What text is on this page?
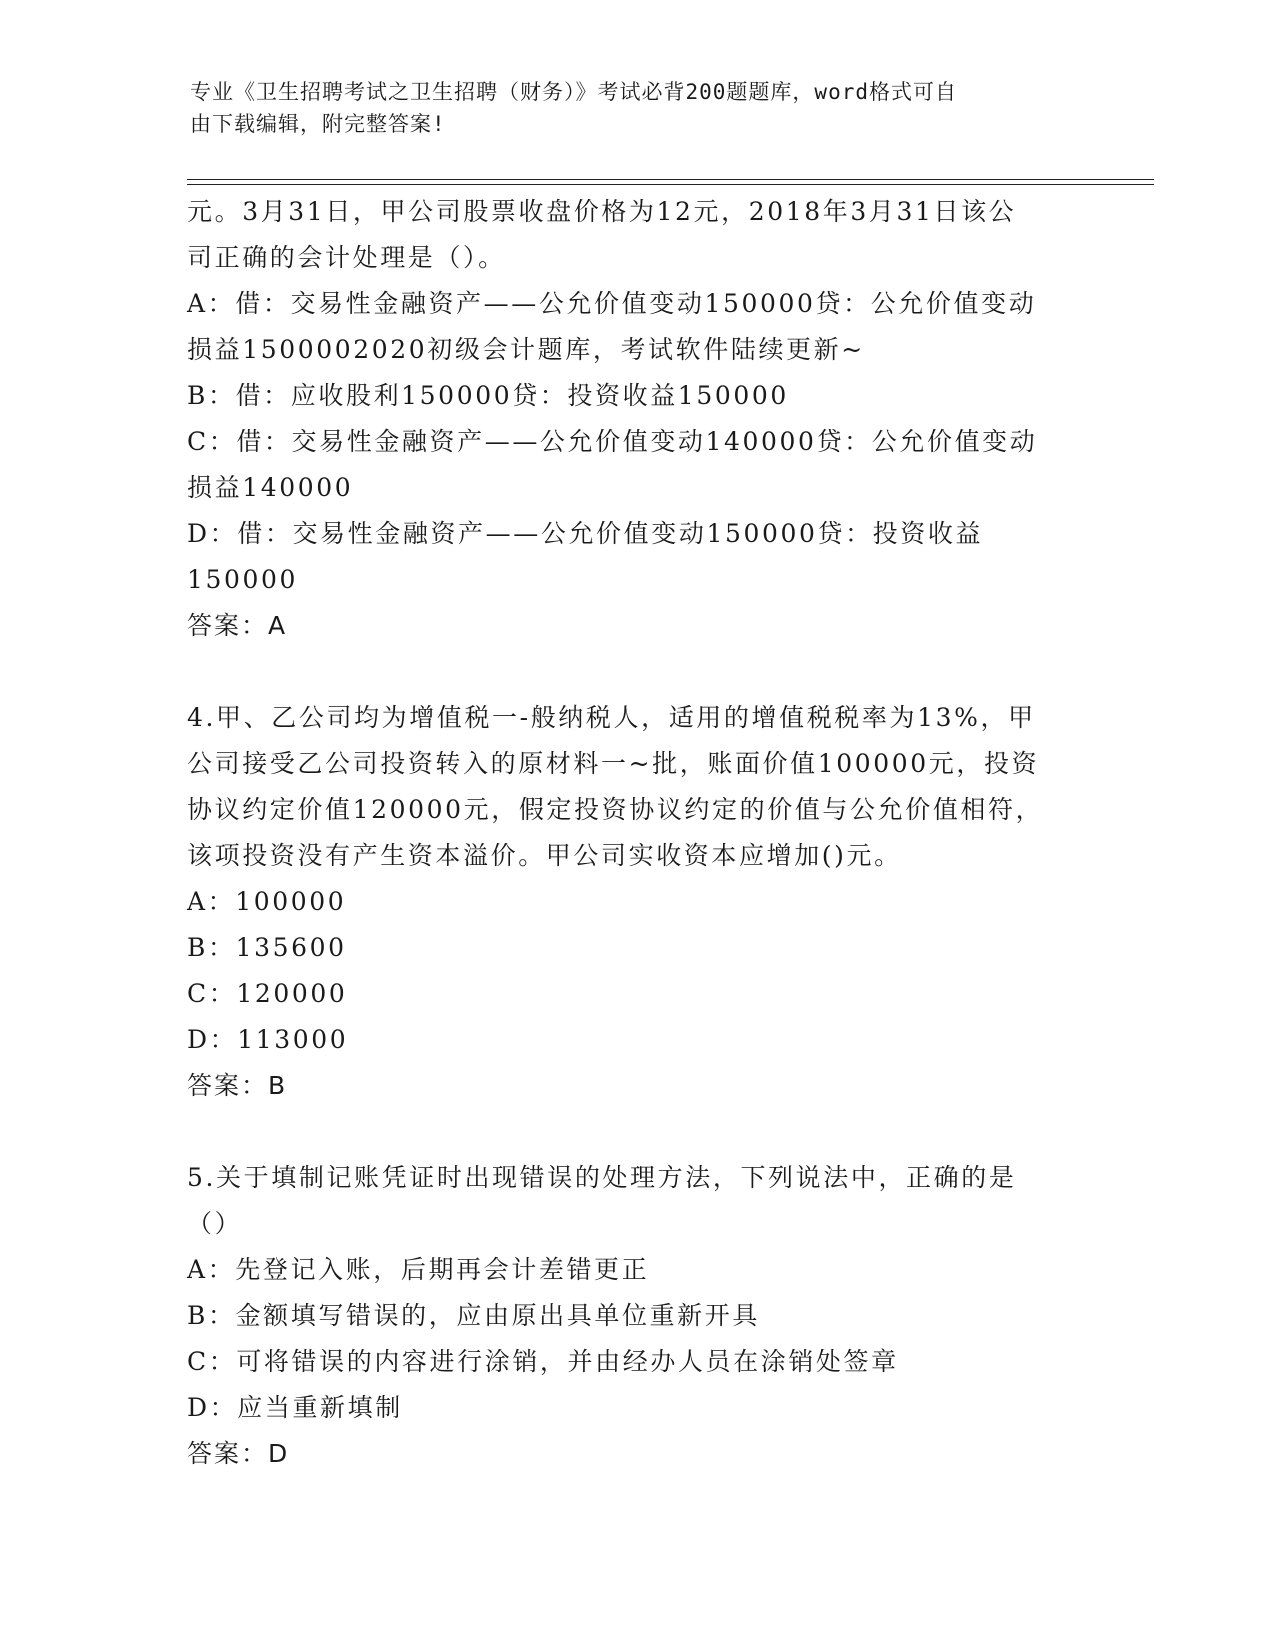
专业《卫生招聘考试之卫生招聘（财务）》考试必背200题题库，word格式可自
由下载编辑，附完整答案!
元。3月31日，甲公司股票收盘价格为12元，2018年3月31日该公
司正确的会计处理是（）。
A：借：交易性金融资产——公允价值变动150000贷：公允价值变动
损益1500002020初级会计题库，考试软件陆续更新~
B：借：应收股利150000贷：投资收益150000
C：借：交易性金融资产——公允价值变动140000贷：公允价值变动
损益140000
D：借：交易性金融资产——公允价值变动150000贷：投资收益
150000
答案：A
4.甲、乙公司均为增值税一-般纳税人，适用的增值税税率为13%，甲
公司接受乙公司投资转入的原材料一~批，账面价值100000元，投资
协议约定价值120000元，假定投资协议约定的价值与公允价值相符，
该项投资没有产生资本溢价。甲公司实收资本应增加()元。
A：100000
B：135600
C：120000
D：113000
答案：B
5.关于填制记账凭证时出现错误的处理方法，下列说法中，正确的是
（）
A：先登记入账，后期再会计差错更正
B：金额填写错误的，应由原出具单位重新开具
C：可将错误的内容进行涂销，并由经办人员在涂销处签章
D：应当重新填制
答案：D
